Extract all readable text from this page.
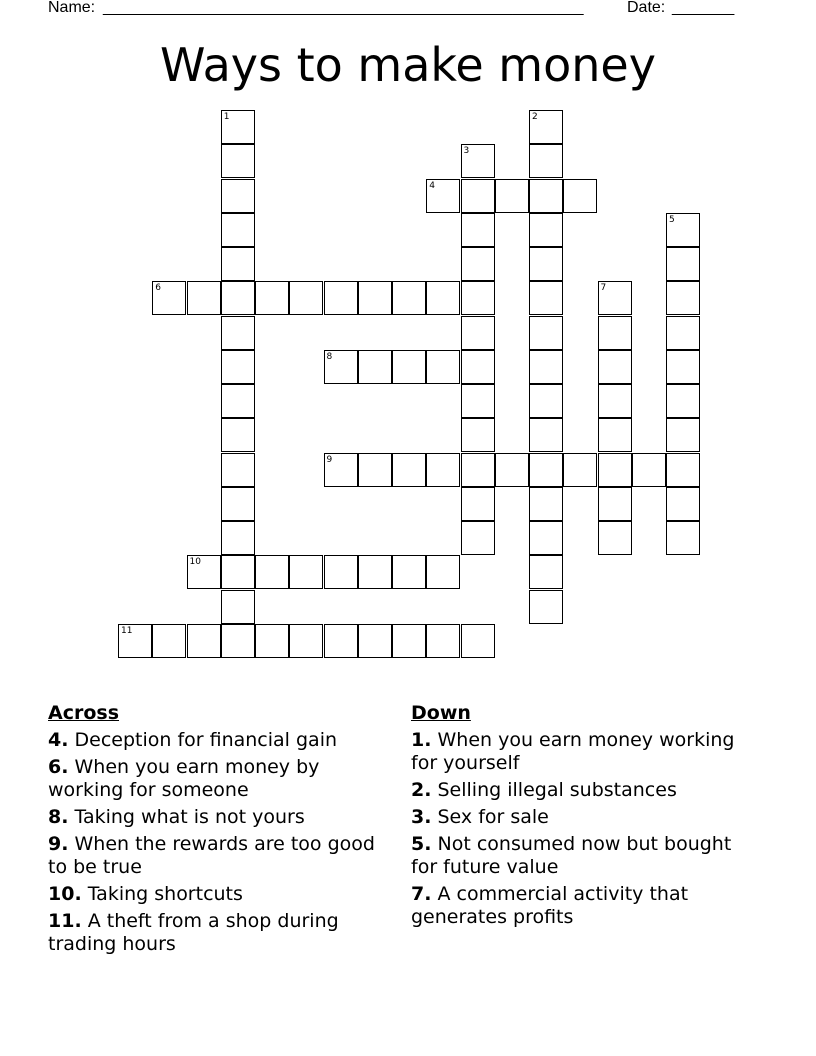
Name: ______________________________________________________	Date: _______
Ways to make money
1	2
3
4
5
6	7
8
9
10
11
Across
4. Deception for financial gain
6. When you earn money by working for someone
8. Taking what is not yours
9. When the rewards are too good to be true
10. Taking shortcuts
11. A theft from a shop during trading hours
Down
1. When you earn money working for yourself
2. Selling illegal substances
3. Sex for sale
5. Not consumed now but bought for future value
7. A commercial activity that generates profits
